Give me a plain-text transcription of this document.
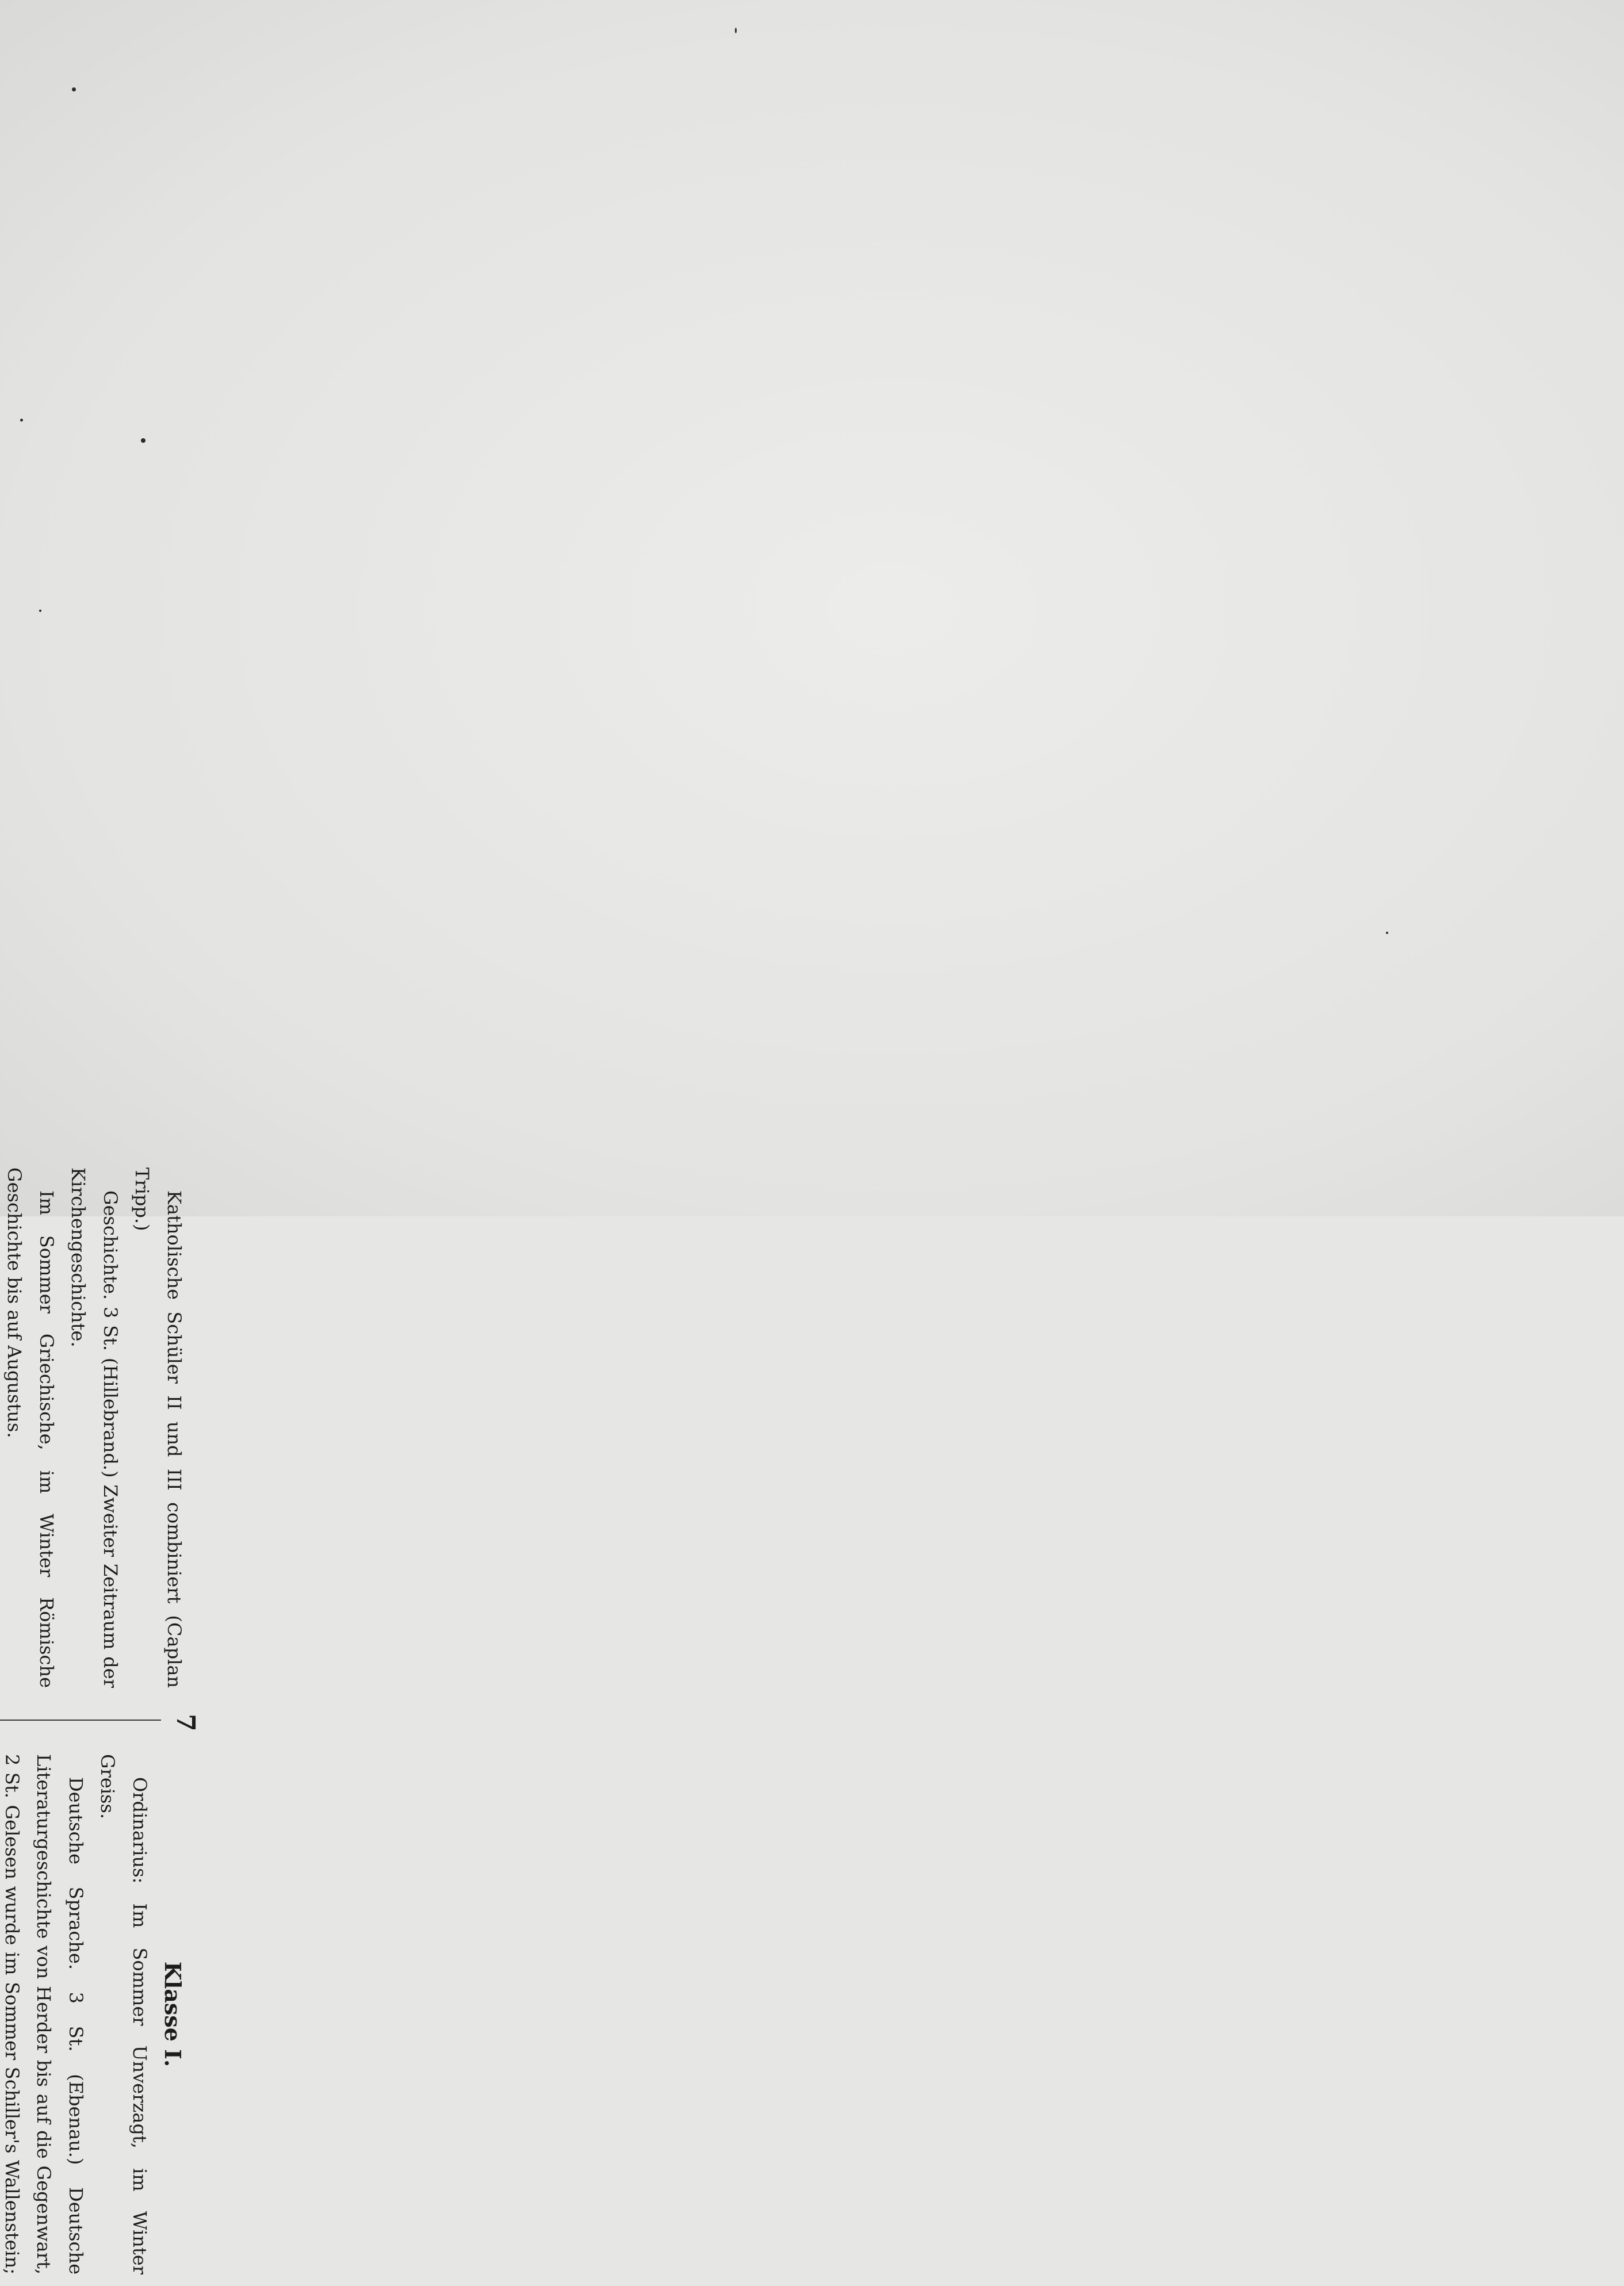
7

Katholische Schüler II und III combiniert (Caplan Tripp.)

Geschichte. 3 St. (Hillebrand.) Zweiter Zeitraum der Kirchengeschichte.

Im Sommer Griechische, im Winter Römische Geschichte bis auf Augustus.

Klasse I.

Ordinarius: Im Sommer Unverzagt, im Winter Greiss.

Deutsche Sprache. 3 St. (Ebenau.) Deutsche Literaturgeschichte von Herder bis auf die Gegenwart, 2 St. Gelesen wurde im Sommer Schiller's Wallenstein;
